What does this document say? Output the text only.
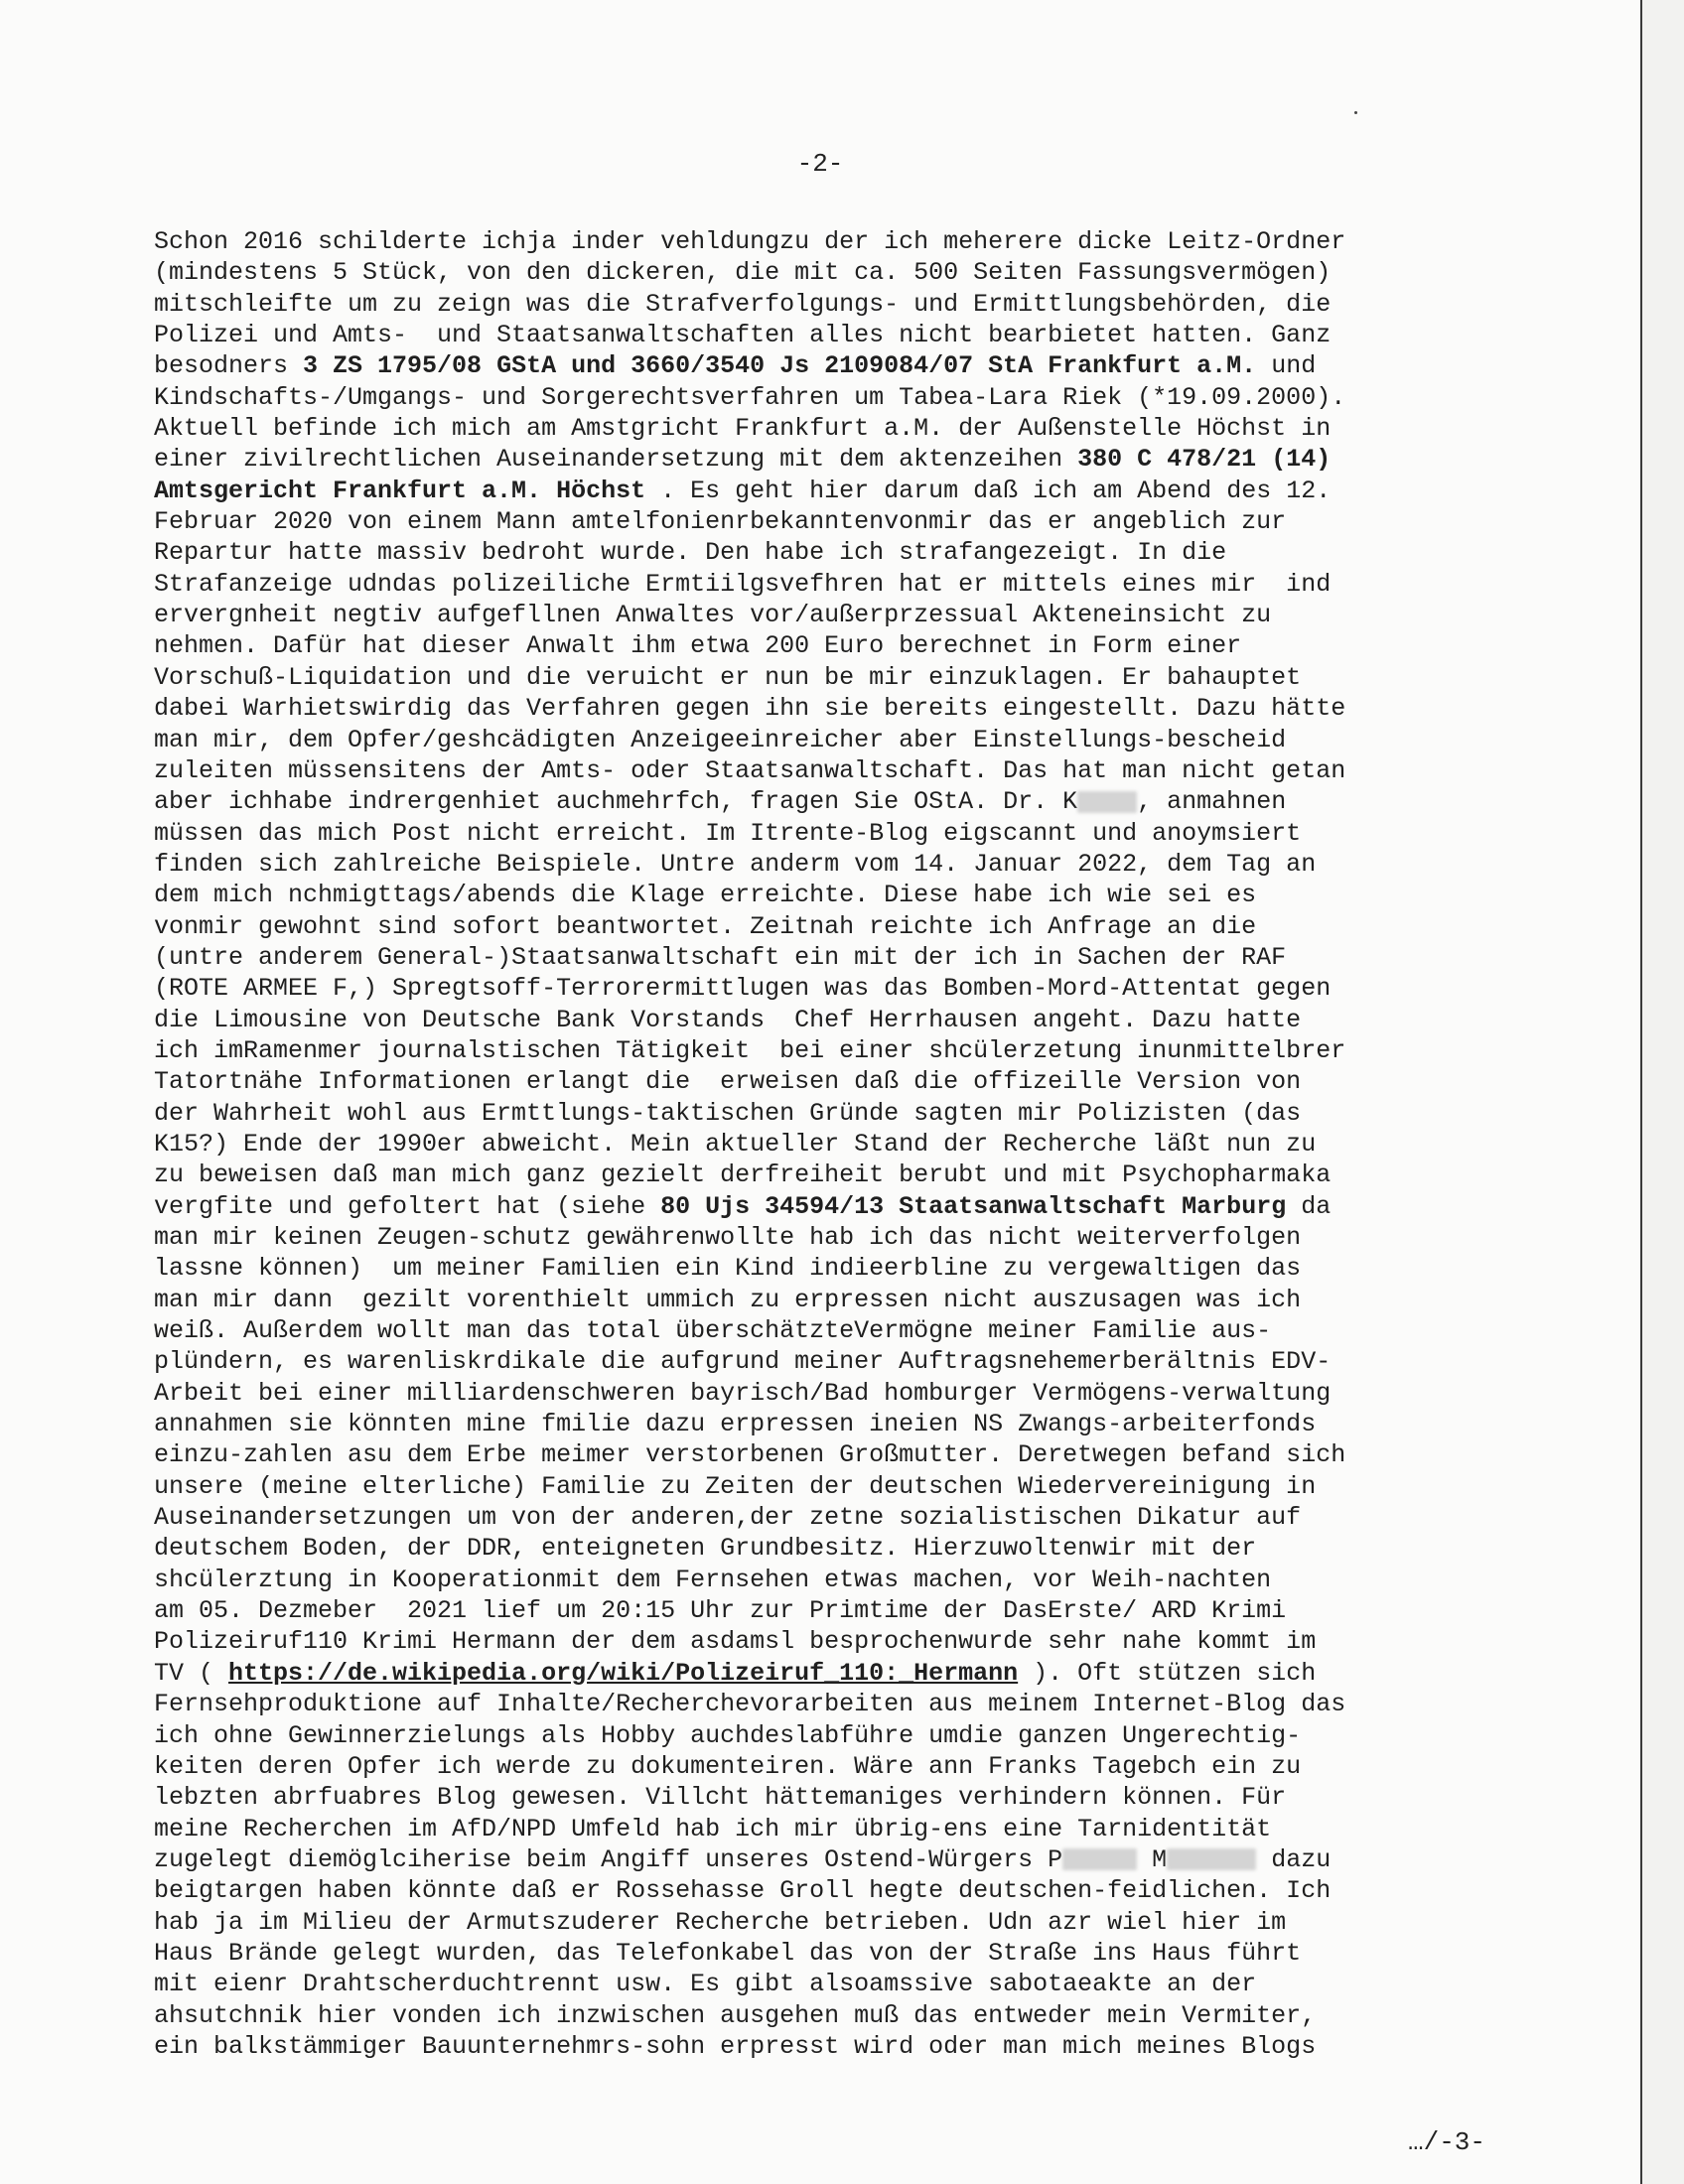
-2-
Schon 2016 schilderte ichja inder vehldungzu der ich meherere dicke Leitz-Ordner
(mindestens 5 Stück, von den dickeren, die mit ca. 500 Seiten Fassungsvermögen)
mitschleifte um zu zeign was die Strafverfolgungs- und Ermittlungsbehörden, die
Polizei und Amts-  und Staatsanwaltschaften alles nicht bearbietet hatten. Ganz
besodners 3 ZS 1795/08 GStA und 3660/3540 Js 2109084/07 StA Frankfurt a.M. und
Kindschafts-/Umgangs- und Sorgerechtsverfahren um Tabea-Lara Riek (*19.09.2000).
Aktuell befinde ich mich am Amstgricht Frankfurt a.M. der Außenstelle Höchst in
einer zivilrechtlichen Auseinandersetzung mit dem aktenzeihen 380 C 478/21 (14)
Amtsgericht Frankfurt a.M. Höchst . Es geht hier darum daß ich am Abend des 12.
Februar 2020 von einem Mann amtelfonienrbekanntenvonmir das er angeblich zur
Repartur hatte massiv bedroht wurde. Den habe ich strafangezeigt. In die
Strafanzeige udndas polizeiliche Ermtiilgsvefhren hat er mittels eines mir  ind
ervergnheit negtiv aufgefllnen Anwaltes vor/außerprzessual Akteneinsicht zu
nehmen. Dafür hat dieser Anwalt ihm etwa 200 Euro berechnet in Form einer
Vorschuß-Liquidation und die veruicht er nun be mir einzuklagen. Er bahauptet
dabei Warhietswirdig das Verfahren gegen ihn sie bereits eingestellt. Dazu hätte
man mir, dem Opfer/geshcädigten Anzeigeeinreicher aber Einstellungs-bescheid
zuleiten müssensitens der Amts- oder Staatsanwaltschaft. Das hat man nicht getan
aber ichhabe indrergenhiet auchmehrfch, fragen Sie OStA. Dr. K , anmahnen
müssen das mich Post nicht erreicht. Im Itrente-Blog eigscannt und anoymsiert
finden sich zahlreiche Beispiele. Untre anderm vom 14. Januar 2022, dem Tag an
dem mich nchmigttags/abends die Klage erreichte. Diese habe ich wie sei es
vonmir gewohnt sind sofort beantwortet. Zeitnah reichte ich Anfrage an die
(untre anderem General-)Staatsanwaltschaft ein mit der ich in Sachen der RAF
(ROTE ARMEE F,) Spregtsoff-Terrorermittlugen was das Bomben-Mord-Attentat gegen
die Limousine von Deutsche Bank Vorstands  Chef Herrhausen angeht. Dazu hatte
ich imRamenmer journalstischen Tätigkeit  bei einer shcülerzetung inunmittelbrer
Tatortnähe Informationen erlangt die  erweisen daß die offizeille Version von
der Wahrheit wohl aus Ermttlungs-taktischen Gründe sagten mir Polizisten (das
K15?) Ende der 1990er abweicht. Mein aktueller Stand der Recherche läßt nun zu
zu beweisen daß man mich ganz gezielt derfreiheit berubt und mit Psychopharmaka
vergfite und gefoltert hat (siehe 80 Ujs 34594/13 Staatsanwaltschaft Marburg da
man mir keinen Zeugen-schutz gewährenwollte hab ich das nicht weiterverfolgen
lassne können)  um meiner Familien ein Kind indieerbline zu vergewaltigen das
man mir dann  gezilt vorenthielt ummich zu erpressen nicht auszusagen was ich
weiß. Außerdem wollt man das total überschätzteVermögne meiner Familie aus-
plündern, es warenliskrdikale die aufgrund meiner Auftragsnehemerberältnis EDV-
Arbeit bei einer milliardenschweren bayrisch/Bad homburger Vermögens-verwaltung
annahmen sie könnten mine fmilie dazu erpressen ineien NS Zwangs-arbeiterfonds
einzu-zahlen asu dem Erbe meimer verstorbenen Großmutter. Deretwegen befand sich
unsere (meine elterliche) Familie zu Zeiten der deutschen Wiedervereinigung in
Auseinandersetzungen um von der anderen,der zetne sozialistischen Dikatur auf
deutschem Boden, der DDR, enteigneten Grundbesitz. Hierzuwoltenwir mit der
shcülerztung in Kooperationmit dem Fernsehen etwas machen, vor Weih-nachten
am 05. Dezmeber  2021 lief um 20:15 Uhr zur Primtime der DasErste/ ARD Krimi
Polizeiruf110 Krimi Hermann der dem asdamsl besprochenwurde sehr nahe kommt im
TV ( https://de.wikipedia.org/wiki/Polizeiruf_110:_Hermann ). Oft stützen sich
Fernsehproduktione auf Inhalte/Recherchevorarbeiten aus meinem Internet-Blog das
ich ohne Gewinnerzielungs als Hobby auchdeslabführe umdie ganzen Ungerechtig-
keiten deren Opfer ich werde zu dokumenteiren. Wäre ann Franks Tagebch ein zu
lebzten abrfuabres Blog gewesen. Villcht hättemaniges verhindern können. Für
meine Recherchen im AfD/NPD Umfeld hab ich mir übrig-ens eine Tarnidentität
zugelegt diemöglciherise beim Angiff unseres Ostend-Würgers P	M	dazu
beigtargen haben könnte daß er Rossehasse Groll hegte deutschen-feidlichen. Ich
hab ja im Milieu der Armutszuderer Recherche betrieben. Udn azr wiel hier im
Haus Brände gelegt wurden, das Telefonkabel das von der Straße ins Haus führt
mit eienr Drahtscherduchtrennt usw. Es gibt alsoamssive sabotaeakte an der
ahsutchnik hier vonden ich inzwischen ausgehen muß das entweder mein Vermiter,
ein balkstämmiger Bauunternehmrs-sohn erpresst wird oder man mich meines Blogs
…/-3-
